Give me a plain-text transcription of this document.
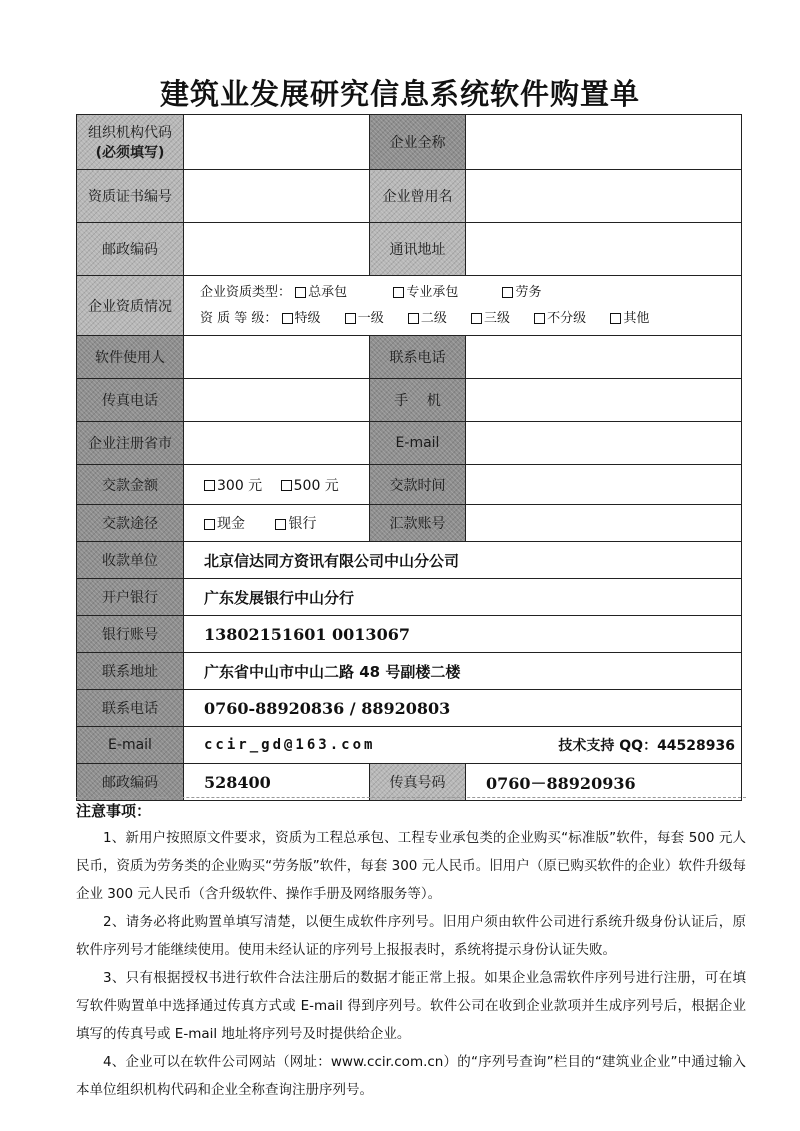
建筑业发展研究信息系统软件购置单
组织机构代码
(必须填写)		企业全称	
资质证书编号		企业曾用名	
邮政编码		通讯地址	
企业资质情况	企业资质类型： 总承包 专业承包 劳务
资 质 等 级： 特级 一级 二级 三级 不分级 其他		

软件使用人		联系电话	
传真电话		手　 机	
企业注册省市		E-mail	
交款金额	300 元 500 元	交款时间	
交款途径	现金 银行	汇款账号	
收款单位	北京信达同方资讯有限公司中山分公司		
开户银行	广东发展银行中山分行		
银行账号	13802151601 0013067		
联系地址	广东省中山市中山二路 48 号副楼二楼		
联系电话	0760-88920836 / 88920803		
E-mail	ccir_gd@163.com 技术支持 QQ：44528936		

邮政编码	528400	传真号码	0760－88920936
注意事项：

1、新用户按照原文件要求，资质为工程总承包、工程专业承包类的企业购买“标准版”软件，每套 500 元人民币，资质为劳务类的企业购买“劳务版”软件，每套 300 元人民币。旧用户（原已购买软件的企业）软件升级每企业 300 元人民币（含升级软件、操作手册及网络服务等）。

2、请务必将此购置单填写清楚，以便生成软件序列号。旧用户须由软件公司进行系统升级身份认证后，原软件序列号才能继续使用。使用未经认证的序列号上报报表时，系统将提示身份认证失败。

3、只有根据授权书进行软件合法注册后的数据才能正常上报。如果企业急需软件序列号进行注册，可在填写软件购置单中选择通过传真方式或 E-mail 得到序列号。软件公司在收到企业款项并生成序列号后，根据企业填写的传真号或 E-mail 地址将序列号及时提供给企业。

4、企业可以在软件公司网站（网址：www.ccir.com.cn）的“序列号查询”栏目的“建筑业企业”中通过输入本单位组织机构代码和企业全称查询注册序列号。
